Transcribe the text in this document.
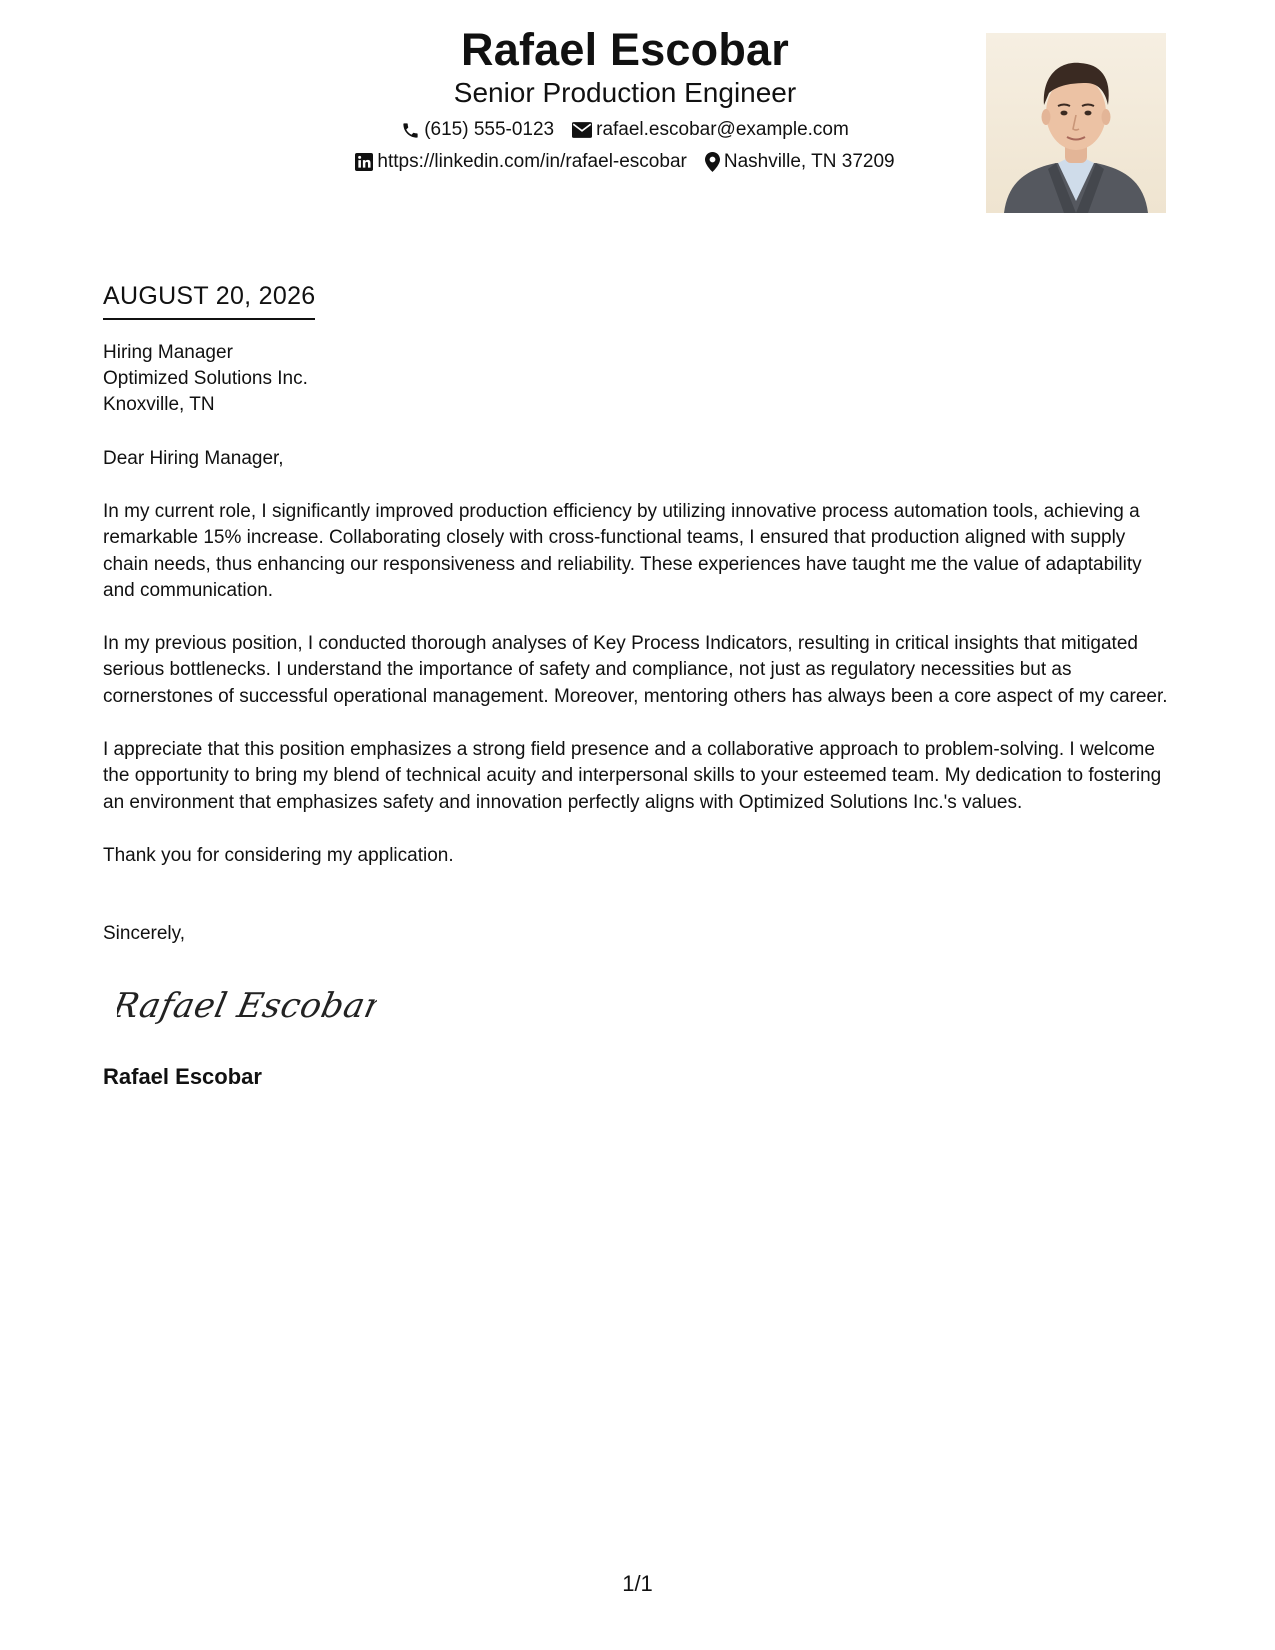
Rafael Escobar
Senior Production Engineer
(615) 555-0123 rafael.escobar@example.com
https://linkedin.com/in/rafael-escobar Nashville, TN 37209
AUGUST 20, 2026
Hiring Manager
Optimized Solutions Inc.
Knoxville, TN
Dear Hiring Manager,

In my current role, I significantly improved production efficiency by utilizing innovative process automation tools, achieving a remarkable 15% increase. Collaborating closely with cross-functional teams, I ensured that production aligned with supply chain needs, thus enhancing our responsiveness and reliability. These experiences have taught me the value of adaptability and communication.

In my previous position, I conducted thorough analyses of Key Process Indicators, resulting in critical insights that mitigated serious bottlenecks. I understand the importance of safety and compliance, not just as regulatory necessities but as cornerstones of successful operational management. Moreover, mentoring others has always been a core aspect of my career.

I appreciate that this position emphasizes a strong field presence and a collaborative approach to problem-solving. I welcome the opportunity to bring my blend of technical acuity and interpersonal skills to your esteemed team. My dedication to fostering an environment that emphasizes safety and innovation perfectly aligns with Optimized Solutions Inc.'s values.

Thank you for considering my application.

Sincerely,
Rafael Escobar
Rafael Escobar
1/1
